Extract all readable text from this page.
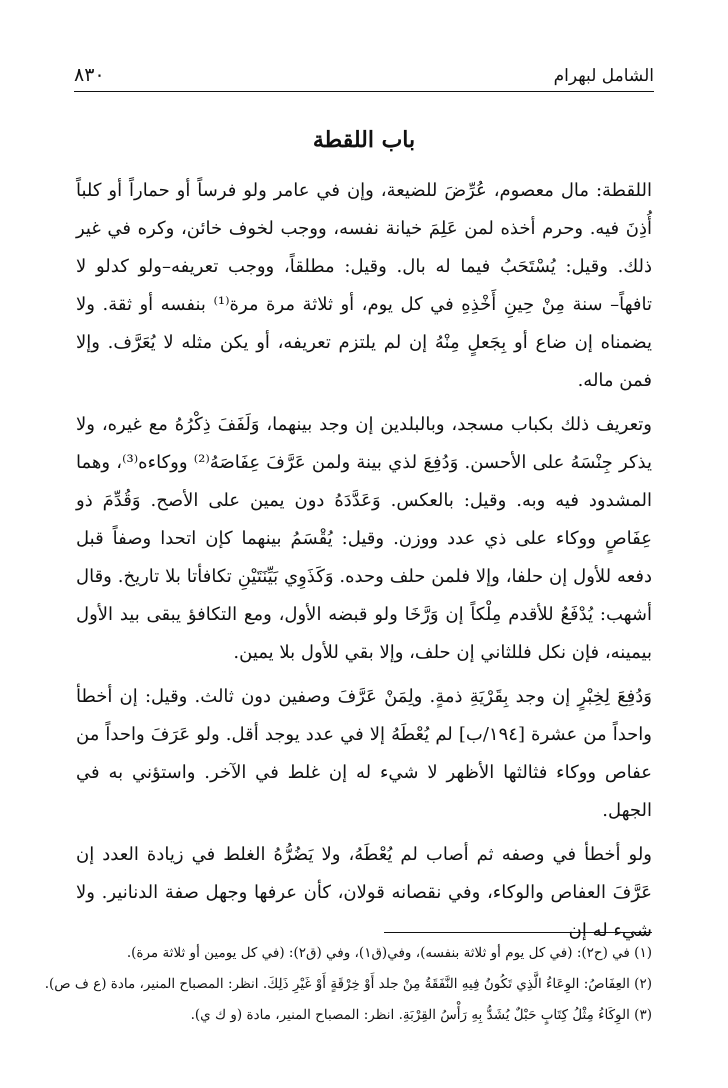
٨٣٠	الشامل لبهرام
باب اللقطة

اللقطة: مال معصوم، عُرِّضَ للضيعة، وإن في عامر ولو فرساً أو حماراً أو كلباً أُذِنَ فيه. وحرم أخذه لمن عَلِمَ خيانة نفسه، ووجب لخوف خائن، وكره في غير ذلك. وقيل: يُسْتَحَبُ فيما له بال. وقيل: مطلقاً، ووجب تعريفه–ولو كدلو لا تافهاً– سنة مِنْ حِينِ أَخْذِهِ في كل يوم، أو ثلاثة مرة مرة⁽¹⁾ بنفسه أو ثقة. ولا يضمناه إن ضاع أو بِجَعلٍ مِنْهُ إن لم يلتزم تعريفه، أو يكن مثله لا يُعَرَّف. وإلا فمن ماله.

وتعريف ذلك بكباب مسجد، وبالبلدين إن وجد بينهما، وَلَفَفَ ذِكْرُهُ مع غيره، ولا يذكر جِنْسَهُ على الأحسن. وَدُفِعَ لذي بينة ولمن عَرَّفَ عِفَاصَهُ⁽²⁾ ووكاءه⁽³⁾، وهما المشدود فيه وبه. وقيل: بالعكس. وَعَدَّدَهُ دون يمين على الأصح. وَقُدِّمَ ذو عِفَاصٍ ووكاء على ذي عدد ووزن. وقيل: يُقْسَمُ بينهما كإن اتحدا وصفاً قبل دفعه للأول إن حلفا، وإلا فلمن حلف وحده. وَكَذَوِي بَيِّنَتَيْنِ تكافأتا بلا تاريخ. وقال أشهب: يُدْفَعُ للأقدم مِلْكاً إن وَرَّخَا ولو قبضه الأول، ومع التكافؤ يبقى بيد الأول بيمينه، فإن نكل فللثاني إن حلف، وإلا بقي للأول بلا يمين.

وَدُفِعَ لِخِبْرٍ إن وجد بِقَرْيَةِ ذمةٍ. ولِمَنْ عَرَّفَ وصفين دون ثالث. وقيل: إن أخطأ واحداً من عشرة [١٩٤/ب] لم يُعْطَهُ إلا في عدد يوجد أقل. ولو عَرَفَ واحداً من عفاص ووكاء فثالثها الأظهر لا شيء له إن غلط في الآخر. واستؤني به في الجهل.

ولو أخطأ في وصفه ثم أصاب لم يُعْطَهُ، ولا يَضُرُّهُ الغلط في زيادة العدد إن عَرَّفَ العفاص والوكاء، وفي نقصانه قولان، كأن عرفها وجهل صفة الدنانير. ولا شيء له إن

(١) في (ح٢): (في كل يوم أو ثلاثة بنفسه)، وفي(ق١)، وفي (ق٢): (في كل يومين أو ثلاثة مرة).
(٢) العِفَاصُ: الوِعَاءُ الَّذِي تَكُونُ فِيهِ النَّفَقَةُ مِنْ جلد أَوْ خِرْقَةٍ أَوْ غَيْرِ ذَلِكَ. انظر: المصباح المنير، مادة (ع ف ص).
(٣) الوِكَاءُ مِثْلُ كِتَابٍ حَبْلٌ يُشَدُّ بِهِ رَأْسُ القِرْبَةِ. انظر: المصباح المنير، مادة (و ك ي).
